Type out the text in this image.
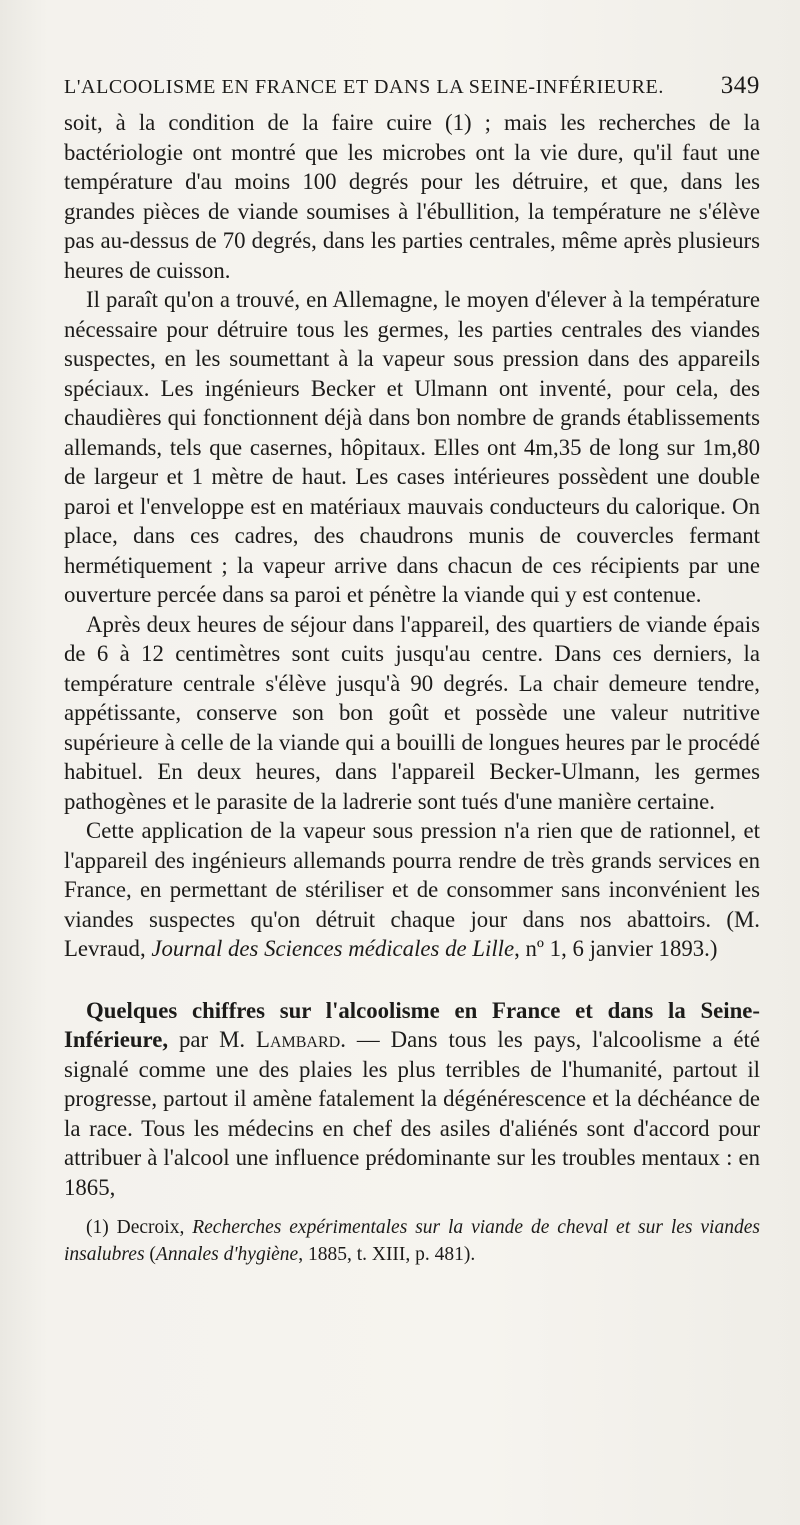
L'ALCOOLISME EN FRANCE ET DANS LA SEINE-INFÉRIEURE. 349

soit, à la condition de la faire cuire (1) ; mais les recherches de la bactériologie ont montré que les microbes ont la vie dure, qu'il faut une température d'au moins 100 degrés pour les détruire, et que, dans les grandes pièces de viande soumises à l'ébullition, la température ne s'élève pas au-dessus de 70 degrés, dans les parties centrales, même après plusieurs heures de cuisson.

Il paraît qu'on a trouvé, en Allemagne, le moyen d'élever à la température nécessaire pour détruire tous les germes, les parties centrales des viandes suspectes, en les soumettant à la vapeur sous pression dans des appareils spéciaux. Les ingénieurs Becker et Ulmann ont inventé, pour cela, des chaudières qui fonctionnent déjà dans bon nombre de grands établissements allemands, tels que casernes, hôpitaux. Elles ont 4m,35 de long sur 1m,80 de largeur et 1 mètre de haut. Les cases intérieures possèdent une double paroi et l'enveloppe est en matériaux mauvais conducteurs du calorique. On place, dans ces cadres, des chaudrons munis de couvercles fermant hermétiquement ; la vapeur arrive dans chacun de ces récipients par une ouverture percée dans sa paroi et pénètre la viande qui y est contenue.

Après deux heures de séjour dans l'appareil, des quartiers de viande épais de 6 à 12 centimètres sont cuits jusqu'au centre. Dans ces derniers, la température centrale s'élève jusqu'à 90 degrés. La chair demeure tendre, appétissante, conserve son bon goût et possède une valeur nutritive supérieure à celle de la viande qui a bouilli de longues heures par le procédé habituel. En deux heures, dans l'appareil Becker-Ulmann, les germes pathogènes et le parasite de la ladrerie sont tués d'une manière certaine.

Cette application de la vapeur sous pression n'a rien que de rationnel, et l'appareil des ingénieurs allemands pourra rendre de très grands services en France, en permettant de stériliser et de consommer sans inconvénient les viandes suspectes qu'on détruit chaque jour dans nos abattoirs. (M. Levraud, Journal des Sciences médicales de Lille, nº 1, 6 janvier 1893.)

Quelques chiffres sur l'alcoolisme en France et dans la Seine-Inférieure, par M. Lambard. — Dans tous les pays, l'alcoolisme a été signalé comme une des plaies les plus terribles de l'humanité, partout il progresse, partout il amène fatalement la dégénérescence et la déchéance de la race. Tous les médecins en chef des asiles d'aliénés sont d'accord pour attribuer à l'alcool une influence prédominante sur les troubles mentaux : en 1865,

(1) Decroix, Recherches expérimentales sur la viande de cheval et sur les viandes insalubres (Annales d'hygiène, 1885, t. XIII, p. 481).
